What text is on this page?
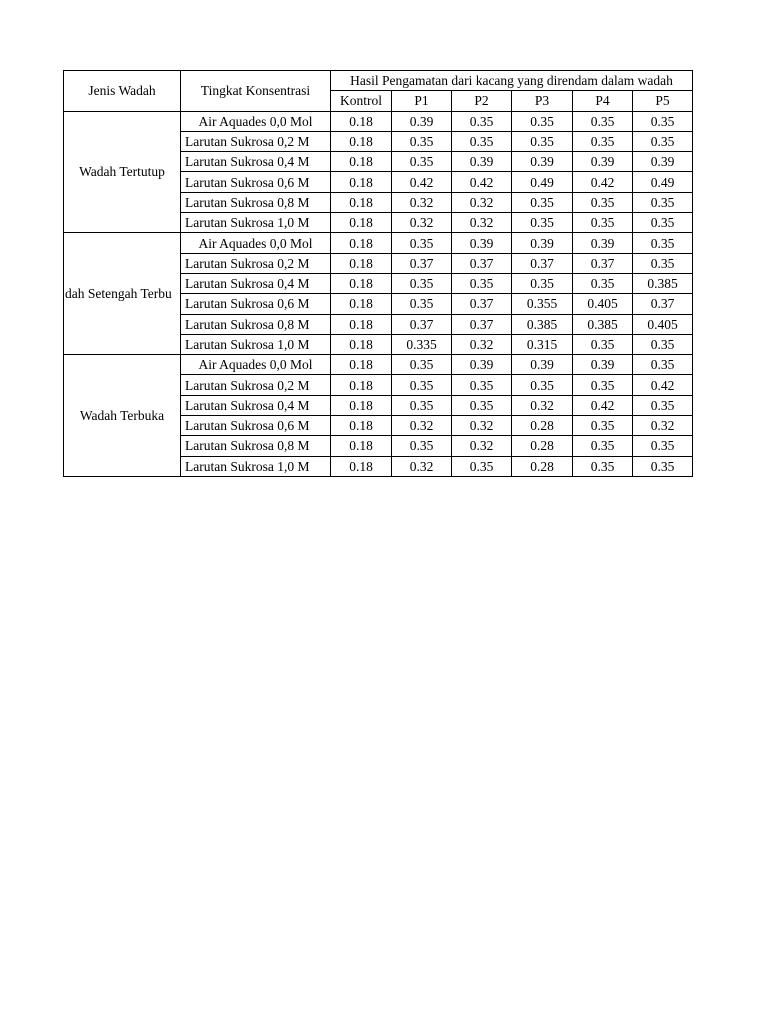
Jenis Wadah	Tingkat Konsentrasi	Hasil Pengamatan dari kacang yang direndam dalam wadah					

		Kontrol	P1	P2	P3	P4	P5
Wadah Tertutup	Air Aquades 0,0 Mol	0.18	0.39	0.35	0.35	0.35	0.35
	Larutan Sukrosa 0,2 M	0.18	0.35	0.35	0.35	0.35	0.35
	Larutan Sukrosa 0,4 M	0.18	0.35	0.39	0.39	0.39	0.39
	Larutan Sukrosa 0,6 M	0.18	0.42	0.42	0.49	0.42	0.49
	Larutan Sukrosa 0,8 M	0.18	0.32	0.32	0.35	0.35	0.35
	Larutan Sukrosa 1,0 M	0.18	0.32	0.32	0.35	0.35	0.35
dah Setengah Terbu	Air Aquades 0,0 Mol	0.18	0.35	0.39	0.39	0.39	0.35
	Larutan Sukrosa 0,2 M	0.18	0.37	0.37	0.37	0.37	0.35
	Larutan Sukrosa 0,4 M	0.18	0.35	0.35	0.35	0.35	0.385
	Larutan Sukrosa 0,6 M	0.18	0.35	0.37	0.355	0.405	0.37
	Larutan Sukrosa 0,8 M	0.18	0.37	0.37	0.385	0.385	0.405
	Larutan Sukrosa 1,0 M	0.18	0.335	0.32	0.315	0.35	0.35
Wadah Terbuka	Air Aquades 0,0 Mol	0.18	0.35	0.39	0.39	0.39	0.35
	Larutan Sukrosa 0,2 M	0.18	0.35	0.35	0.35	0.35	0.42
	Larutan Sukrosa 0,4 M	0.18	0.35	0.35	0.32	0.42	0.35
	Larutan Sukrosa 0,6 M	0.18	0.32	0.32	0.28	0.35	0.32
	Larutan Sukrosa 0,8 M	0.18	0.35	0.32	0.28	0.35	0.35
	Larutan Sukrosa 1,0 M	0.18	0.32	0.35	0.28	0.35	0.35
